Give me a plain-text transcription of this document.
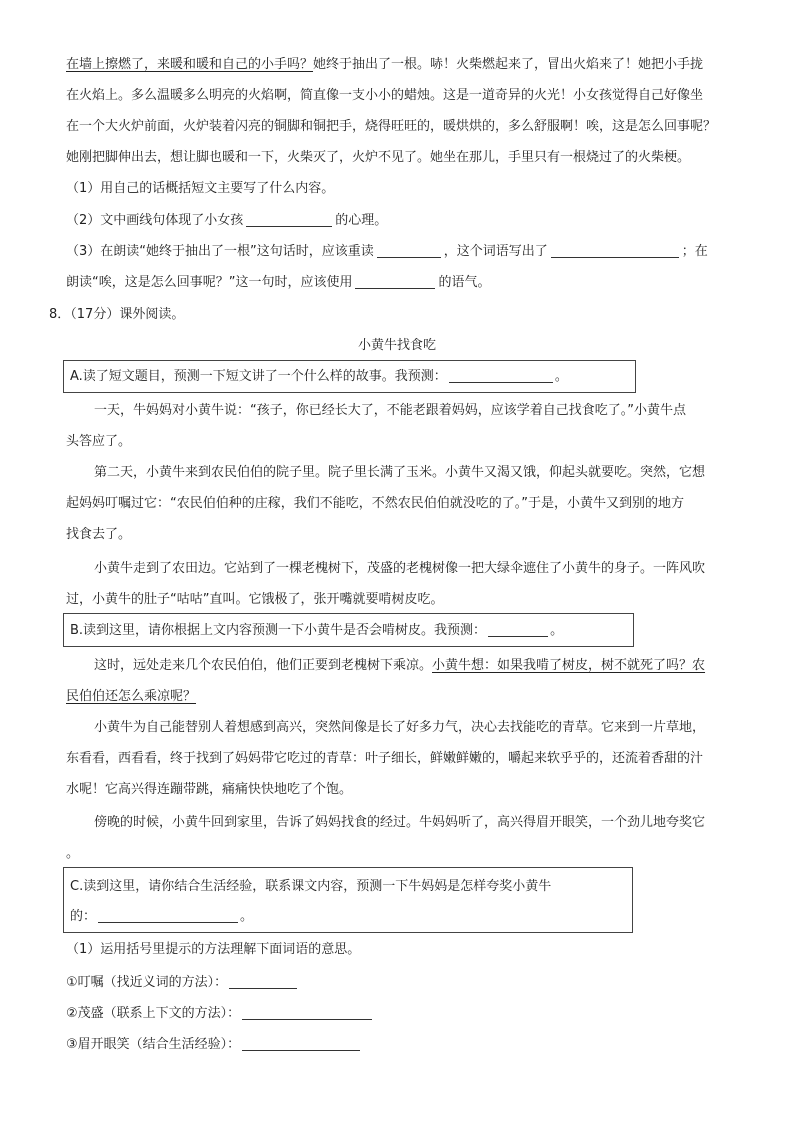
在墙上擦燃了，来暖和暖和自己的小手吗？她终于抽出了一根。哧！火柴燃起来了，冒出火焰来了！她把小手拢
在火焰上。多么温暖多么明亮的火焰啊，简直像一支小小的蜡烛。这是一道奇异的火光！小女孩觉得自己好像坐
在一个大火炉前面，火炉装着闪亮的铜脚和铜把手，烧得旺旺的，暖烘烘的，多么舒服啊！唉，这是怎么回事呢？
她刚把脚伸出去，想让脚也暖和一下，火柴灭了，火炉不见了。她坐在那儿，手里只有一根烧过了的火柴梗。
（1）用自己的话概括短文主要写了什么内容。
（2）文中画线句体现了小女孩	的心理。
（3）在朗读“她终于抽出了一根”这句话时，应该重读	，这个词语写出了	；在
朗读“唉，这是怎么回事呢？”这一句时，应该使用	的语气。
8．（17分）课外阅读。
小黄牛找食吃
A.读了短文题目，预测一下短文讲了一个什么样的故事。我预测：	。
一天，牛妈妈对小黄牛说：“孩子，你已经长大了，不能老跟着妈妈，应该学着自己找食吃了。”小黄牛点
头答应了。
第二天，小黄牛来到农民伯伯的院子里。院子里长满了玉米。小黄牛又渴又饿，仰起头就要吃。突然，它想
起妈妈叮嘱过它：“农民伯伯种的庄稼，我们不能吃，不然农民伯伯就没吃的了。”于是，小黄牛又到别的地方
找食去了。
小黄牛走到了农田边。它站到了一棵老槐树下，茂盛的老槐树像一把大绿伞遮住了小黄牛的身子。一阵风吹
过，小黄牛的肚子“咕咕”直叫。它饿极了，张开嘴就要啃树皮吃。
B.读到这里，请你根据上文内容预测一下小黄牛是否会啃树皮。我预测：	。
这时，远处走来几个农民伯伯，他们正要到老槐树下乘凉。小黄牛想：如果我啃了树皮，树不就死了吗？农
民伯伯还怎么乘凉呢？
小黄牛为自己能替别人着想感到高兴，突然间像是长了好多力气，决心去找能吃的青草。它来到一片草地，
东看看，西看看，终于找到了妈妈带它吃过的青草：叶子细长，鲜嫩鲜嫩的，嚼起来软乎乎的，还流着香甜的汁
水呢！它高兴得连蹦带跳，痛痛快快地吃了个饱。
傍晚的时候，小黄牛回到家里，告诉了妈妈找食的经过。牛妈妈听了，高兴得眉开眼笑，一个劲儿地夸奖它
。
C.读到这里，请你结合生活经验，联系课文内容，预测一下牛妈妈是怎样夸奖小黄牛
的：	。
（1）运用括号里提示的方法理解下面词语的意思。
①叮嘱（找近义词的方法）：
②茂盛（联系上下文的方法）：
③眉开眼笑（结合生活经验）：
